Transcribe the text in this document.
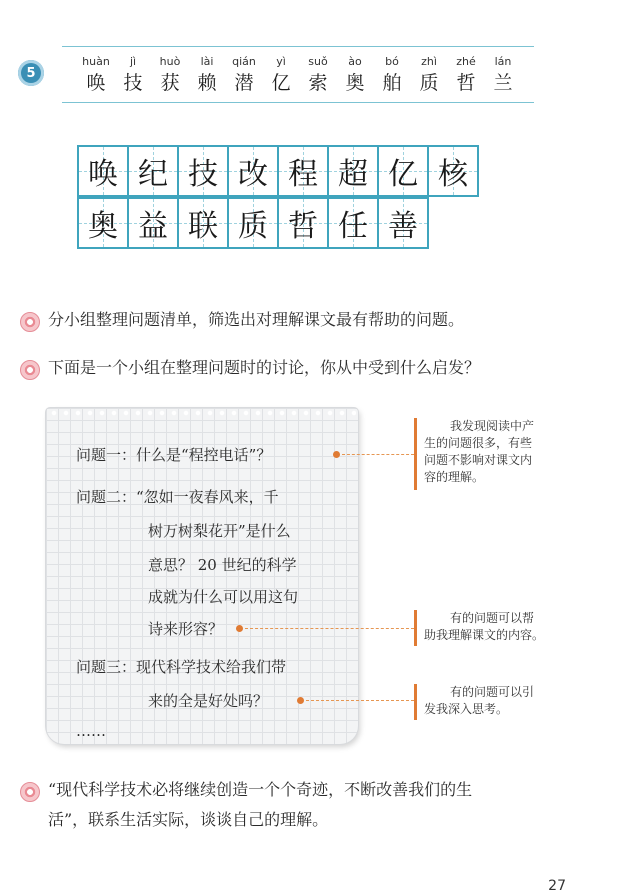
5
huàn
唤
jì
技
huò
获
lài
赖
qián
潜
yì
亿
suǒ
索
ào
奥
bó
舶
zhì
质
zhé
哲
lán
兰
唤 纪 技 改 程 超 亿 核
奥 益 联 质 哲 任 善
分小组整理问题清单，筛选出对理解课文最有帮助的问题。
下面是一个小组在整理问题时的讨论，你从中受到什么启发？
问题一：什么是“程控电话”？
问题二：“忽如一夜春风来，千
树万树梨花开”是什么
意思？ 20 世纪的科学
成就为什么可以用这句
诗来形容？
问题三：现代科学技术给我们带
来的全是好处吗？
……
我发现阅读中产
生的问题很多，有些
问题不影响对课文内
容的理解。
有的问题可以帮
助我理解课文的内容。
有的问题可以引
发我深入思考。
“现代科学技术必将继续创造一个个奇迹，不断改善我们的生
活”，联系生活实际，谈谈自己的理解。
27
